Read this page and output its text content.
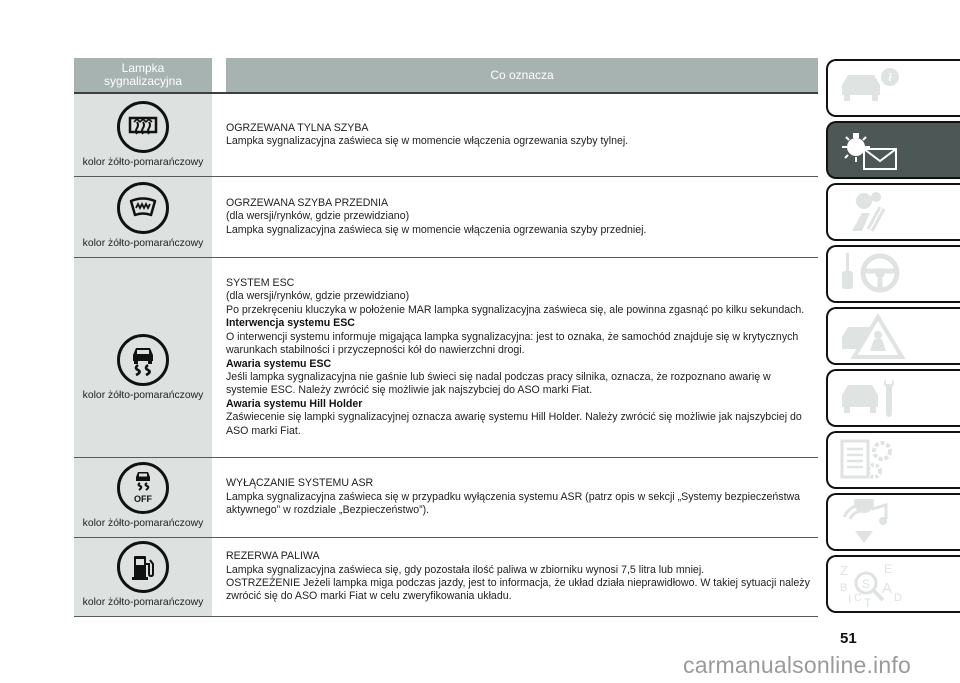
Lampka
sygnalizacyjna	Co oznacza
kolor żółto-pomarańczowy
OGRZEWANA TYLNA SZYBA
Lampka sygnalizacyjna zaświeca się w momencie włączenia ogrzewania szyby tylnej.
kolor żółto-pomarańczowy
OGRZEWANA SZYBA PRZEDNIA
(dla wersji/rynków, gdzie przewidziano)
Lampka sygnalizacyjna zaświeca się w momencie włączenia ogrzewania szyby przedniej.
kolor żółto-pomarańczowy
SYSTEM ESC
(dla wersji/rynków, gdzie przewidziano)
Po przekręceniu kluczyka w położenie MAR lampka sygnalizacyjna zaświeca się, ale powinna zgasnąć po kilku sekundach.
Interwencja systemu ESC
O interwencji systemu informuje migająca lampka sygnalizacyjna: jest to oznaka, że samochód znajduje się w krytycznych warunkach stabilności i przyczepności kół do nawierzchni drogi.
Awaria systemu ESC
Jeśli lampka sygnalizacyjna nie gaśnie lub świeci się nadal podczas pracy silnika, oznacza, że rozpoznano awarię w systemie ESC. Należy zwrócić się możliwie jak najszybciej do ASO marki Fiat.
Awaria systemu Hill Holder
Zaświecenie się lampki sygnalizacyjnej oznacza awarię systemu Hill Holder. Należy zwrócić się możliwie jak najszybciej do ASO marki Fiat.
OFF
kolor żółto-pomarańczowy
WYŁĄCZANIE SYSTEMU ASR
Lampka sygnalizacyjna zaświeca się w przypadku wyłączenia systemu ASR (patrz opis w sekcji „Systemy bezpieczeństwa aktywnego” w rozdziale „Bezpieczeństwo”).
kolor żółto-pomarańczowy
REZERWA PALIWA
Lampka sygnalizacyjna zaświeca się, gdy pozostała ilość paliwa w zbiorniku wynosi 7,5 litra lub mniej.
OSTRZEŻENIE Jeżeli lampka miga podczas jazdy, jest to informacja, że układ działa nieprawidłowo. W takiej sytuacji należy zwrócić się do ASO marki Fiat w celu zweryfikowania układu.
i
Z	E
B A
I C T D
S
51
carmanualsonline.info
